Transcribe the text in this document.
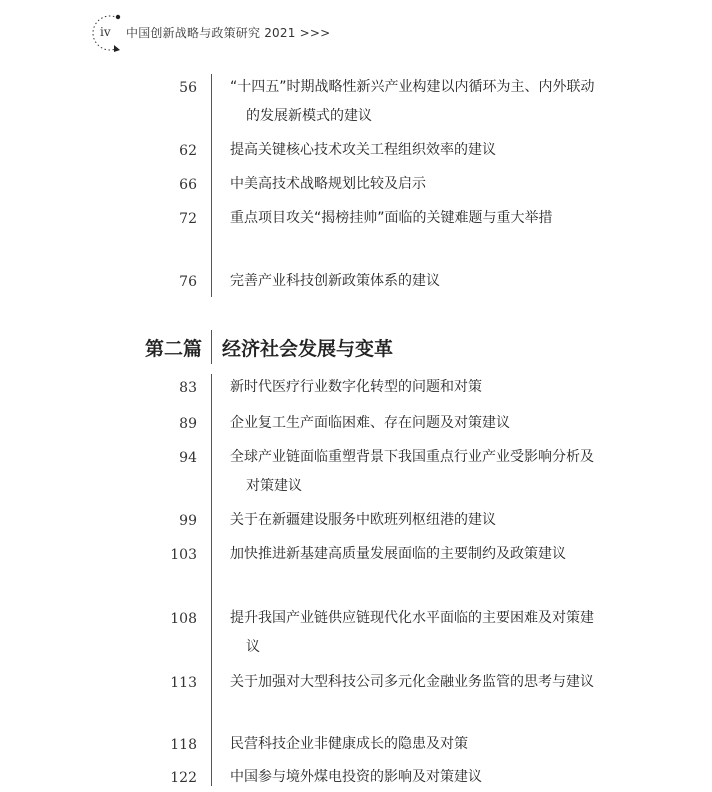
iv 中国创新战略与政策研究 2021 >>>
56 “十四五”时期战略性新兴产业构建以内循环为主、内外联动的发展新模式的建议
62 提高关键核心技术攻关工程组织效率的建议
66 中美高技术战略规划比较及启示
72 重点项目攻关“揭榜挂帅”面临的关键难题与重大举措
76 完善产业科技创新政策体系的建议
第二篇 经济社会发展与变革
83 新时代医疗行业数字化转型的问题和对策
89 企业复工生产面临困难、存在问题及对策建议
94 全球产业链面临重塑背景下我国重点行业产业受影响分析及对策建议
99 关于在新疆建设服务中欧班列枢纽港的建议
103 加快推进新基建高质量发展面临的主要制约及政策建议
108 提升我国产业链供应链现代化水平面临的主要困难及对策建议
113 关于加强对大型科技公司多元化金融业务监管的思考与建议
118 民营科技企业非健康成长的隐患及对策
122 中国参与境外煤电投资的影响及对策建议
